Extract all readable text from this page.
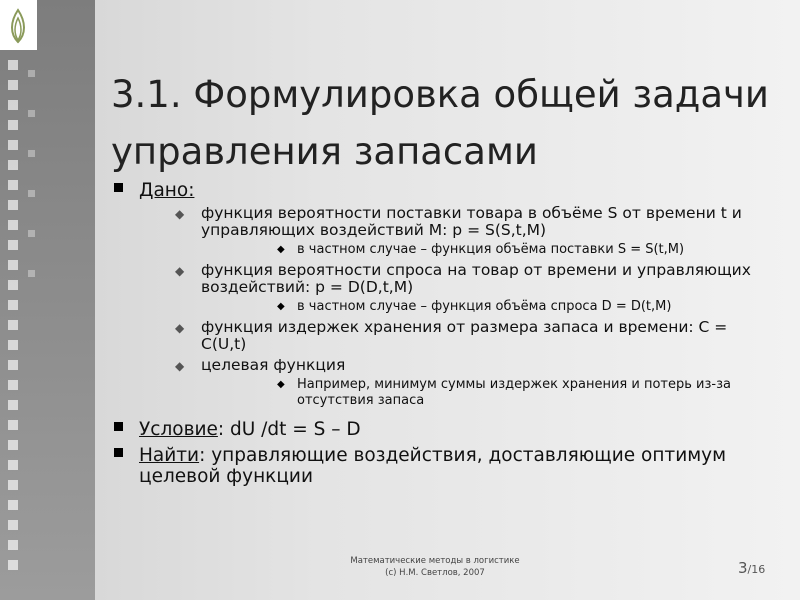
3.1. Формулировка общей задачи управления запасами
Дано:
◆ функция вероятности поставки товара в объёме S от времени t и управляющих воздействий M: p = S(S,t,M)
◆ в частном случае – функция объёма поставки S = S(t,M)
◆ функция вероятности спроса на товар от времени и управляющих воздействий: p = D(D,t,M)
◆ в частном случае – функция объёма спроса D = D(t,M)
◆ функция издержек хранения от размера запаса и времени: C = C(U,t)
◆ целевая функция
◆ Например, минимум суммы издержек хранения и потерь из-за отсутствия запаса
Условие: dU /dt = S – D
Найти: управляющие воздействия, доставляющие оптимум целевой функции
Математические методы в логистике
(c) Н.М. Светлов, 2007	3/16
